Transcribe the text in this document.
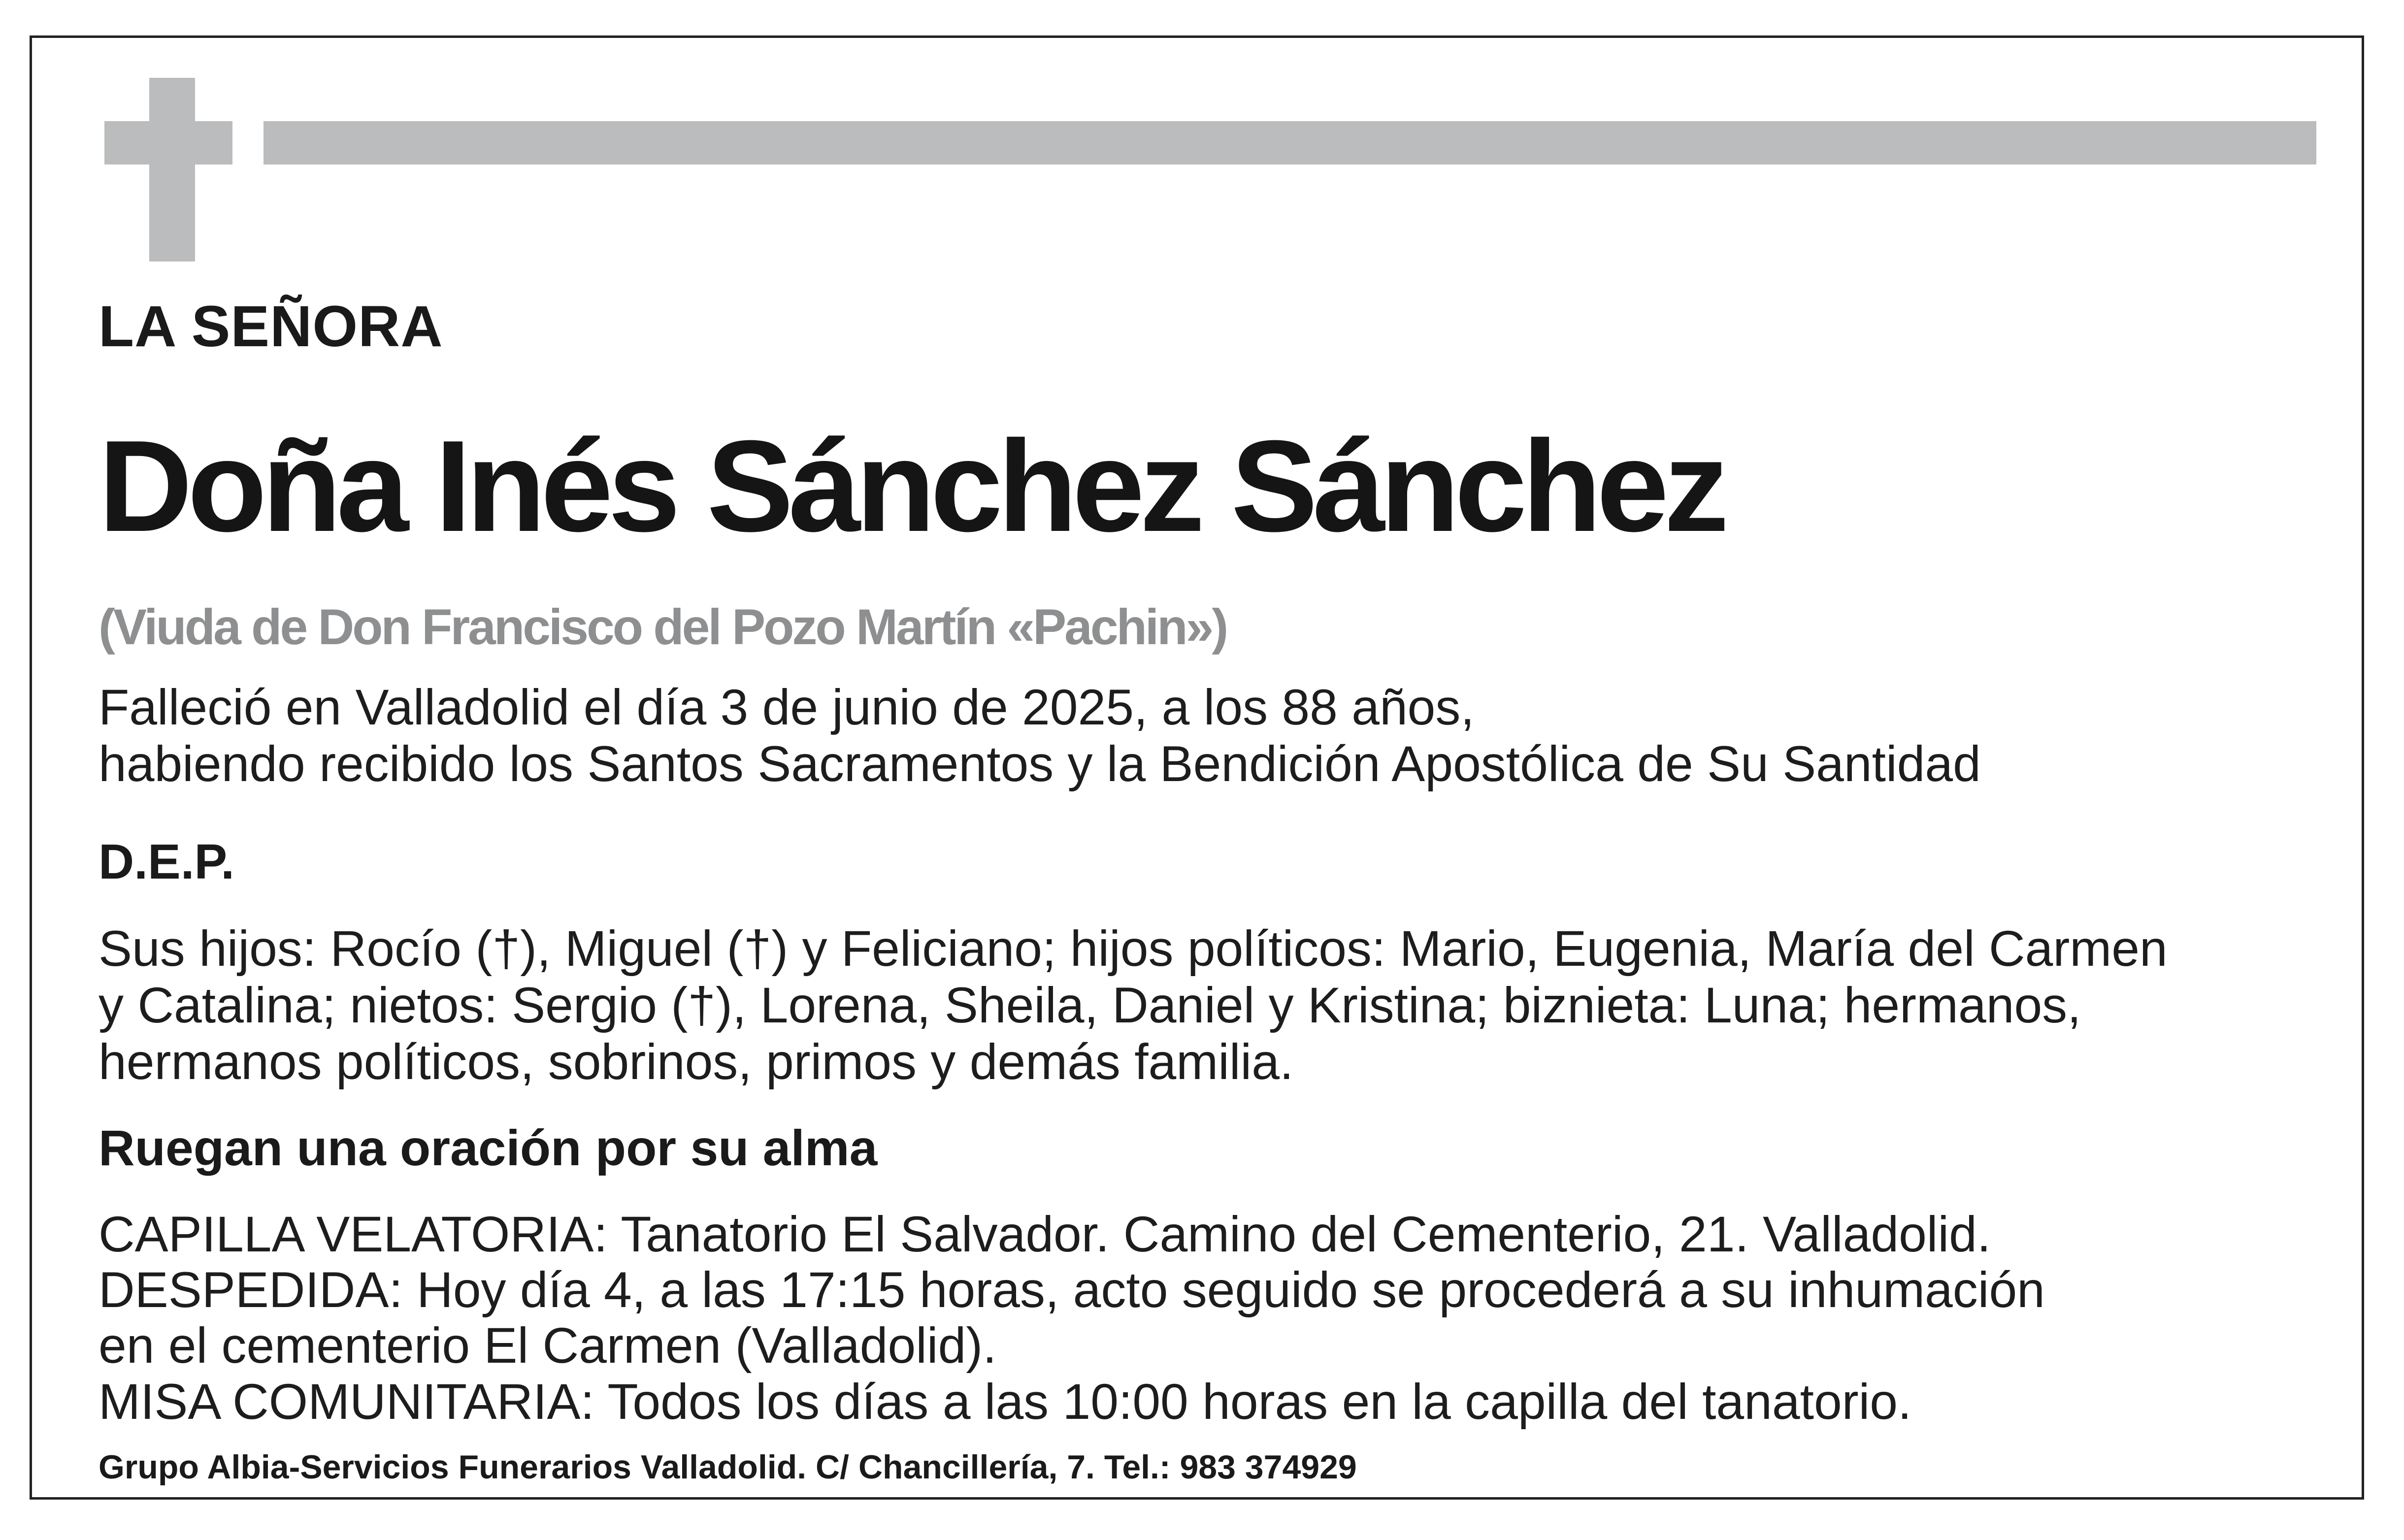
LA SEÑORA

Doña Inés Sánchez Sánchez

(Viuda de Don Francisco del Pozo Martín «Pachin»)

Falleció en Valladolid el día 3 de junio de 2025, a los 88 años,

habiendo recibido los Santos Sacramentos y la Bendición Apostólica de Su Santidad

D.E.P.

Sus hijos: Rocío (†), Miguel (†) y Feliciano; hijos políticos: Mario, Eugenia, María del Carmen

y Catalina; nietos: Sergio (†), Lorena, Sheila, Daniel y Kristina; biznieta: Luna; hermanos,

hermanos políticos, sobrinos, primos y demás familia.

Ruegan una oración por su alma

CAPILLA VELATORIA: Tanatorio El Salvador. Camino del Cementerio, 21. Valladolid.

DESPEDIDA: Hoy día 4, a las 17:15 horas, acto seguido se procederá a su inhumación

en el cementerio El Carmen (Valladolid).

MISA COMUNITARIA: Todos los días a las 10:00 horas en la capilla del tanatorio.

Grupo Albia-Servicios Funerarios Valladolid. C/ Chancillería, 7. Tel.: 983 374929
